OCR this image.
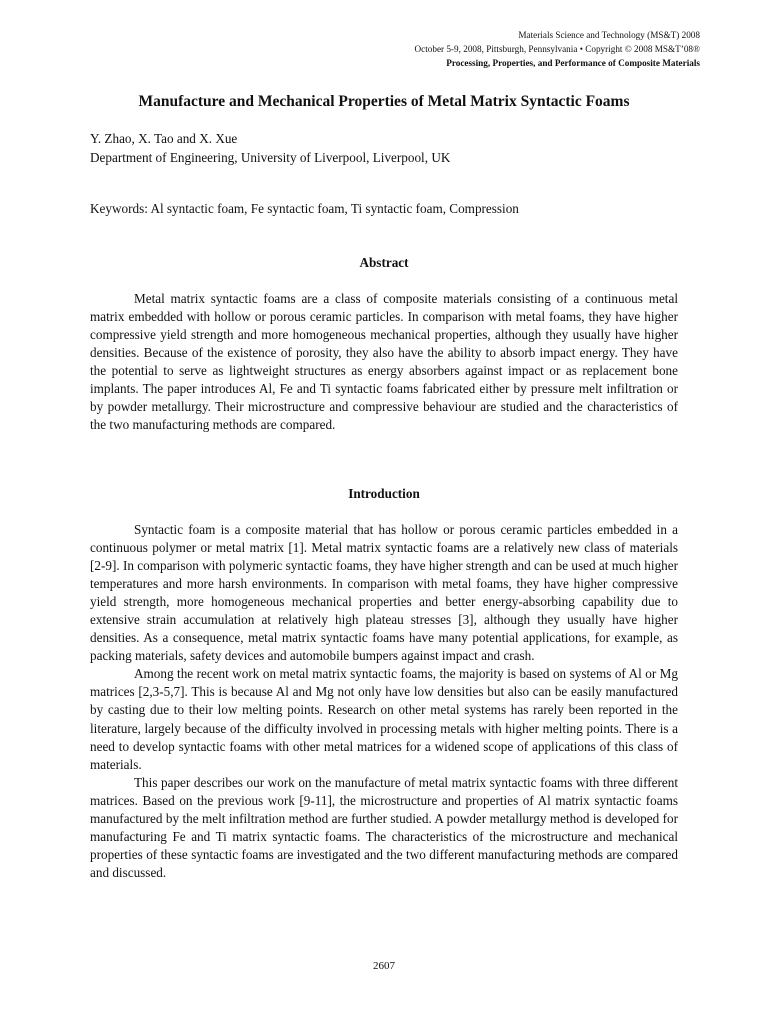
Materials Science and Technology (MS&T) 2008
October 5-9, 2008, Pittsburgh, Pennsylvania • Copyright © 2008 MS&T’08®
Processing, Properties, and Performance of Composite Materials
Manufacture and Mechanical Properties of Metal Matrix Syntactic Foams
Y. Zhao, X. Tao and X. Xue
Department of Engineering, University of Liverpool, Liverpool, UK
Keywords: Al syntactic foam, Fe syntactic foam, Ti syntactic foam, Compression
Abstract

Metal matrix syntactic foams are a class of composite materials consisting of a continuous metal matrix embedded with hollow or porous ceramic particles. In comparison with metal foams, they have higher compressive yield strength and more homogeneous mechanical properties, although they usually have higher densities. Because of the existence of porosity, they also have the ability to absorb impact energy. They have the potential to serve as lightweight structures as energy absorbers against impact or as replacement bone implants. The paper introduces Al, Fe and Ti syntactic foams fabricated either by pressure melt infiltration or by powder metallurgy. Their microstructure and compressive behaviour are studied and the characteristics of the two manufacturing methods are compared.

Introduction

Syntactic foam is a composite material that has hollow or porous ceramic particles embedded in a continuous polymer or metal matrix [1]. Metal matrix syntactic foams are a relatively new class of materials [2-9]. In comparison with polymeric syntactic foams, they have higher strength and can be used at much higher temperatures and more harsh environments. In comparison with metal foams, they have higher compressive yield strength, more homogeneous mechanical properties and better energy-absorbing capability due to extensive strain accumulation at relatively high plateau stresses [3], although they usually have higher densities. As a consequence, metal matrix syntactic foams have many potential applications, for example, as packing materials, safety devices and automobile bumpers against impact and crash.

Among the recent work on metal matrix syntactic foams, the majority is based on systems of Al or Mg matrices [2,3-5,7]. This is because Al and Mg not only have low densities but also can be easily manufactured by casting due to their low melting points. Research on other metal systems has rarely been reported in the literature, largely because of the difficulty involved in processing metals with higher melting points. There is a need to develop syntactic foams with other metal matrices for a widened scope of applications of this class of materials.

This paper describes our work on the manufacture of metal matrix syntactic foams with three different matrices. Based on the previous work [9-11], the microstructure and properties of Al matrix syntactic foams manufactured by the melt infiltration method are further studied. A powder metallurgy method is developed for manufacturing Fe and Ti matrix syntactic foams. The characteristics of the microstructure and mechanical properties of these syntactic foams are investigated and the two different manufacturing methods are compared and discussed.

2607
